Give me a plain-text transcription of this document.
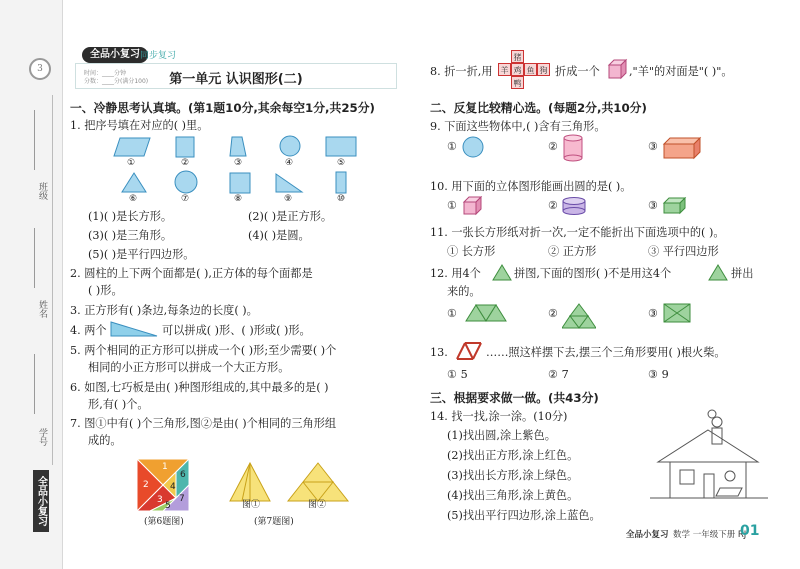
3
班级
姓名
学号
全品小复习
全品小复习 同步复习
时间：____分钟
分数：____分(满分100)	第一单元 认识图形(二)
一、冷静思考认真填。(第1题10分,其余每空1分,共25分)
1. 把序号填在对应的( )里。
①	②	③	④	⑤
⑥	⑦	⑧	⑨	⑩
(1)( )是长方形。	(2)( )是正方形。
(3)( )是三角形。	(4)( )是圆。
(5)( )是平行四边形。
2. 圆柱的上下两个面都是( ),正方体的每个面都是
( )形。
3. 正方形有( )条边,每条边的长度( )。
4. 两个	可以拼成( )形、( )形或( )形。
5. 两个相同的正方形可以拼成一个( )形;至少需要( )个
相同的小正方形可以拼成一个大正方形。
6. 如图,七巧板是由( )种图形组成的,其中最多的是( )
形,有( )个。
7. 图①中有( )个三角形,图②是由( )个相同的三角形组
成的。
1
2
3
4
5
6
7
(第6题图)
图①	图②
(第7题图)
8. 折一折,用
猪
羊 鸡 鱼 狗
鸭
折成一个	,"羊"的对面是"( )"。
二、反复比较精心选。(每题2分,共10分)
9. 下面这些物体中,( )含有三角形。
①	②	③
10. 用下面的立体图形能画出圆的是( )。
①	②	③
11. 一张长方形纸对折一次,一定不能折出下面选项中的( )。
① 长方形	② 正方形	③ 平行四边形
12. 用4个	拼图,下面的图形( )不是用这4个	拼出
来的。
①	②	③
13.	……照这样摆下去,摆三个三角形要用( )根火柴。
① 5	② 7	③ 9
三、根据要求做一做。(共43分)
14. 找一找,涂一涂。(10分)
(1)找出圆,涂上紫色。
(2)找出正方形,涂上红色。
(3)找出长方形,涂上绿色。
(4)找出三角形,涂上黄色。
(5)找出平行四边形,涂上蓝色。
全品小复习 数学 一年级下册 RJ
01
